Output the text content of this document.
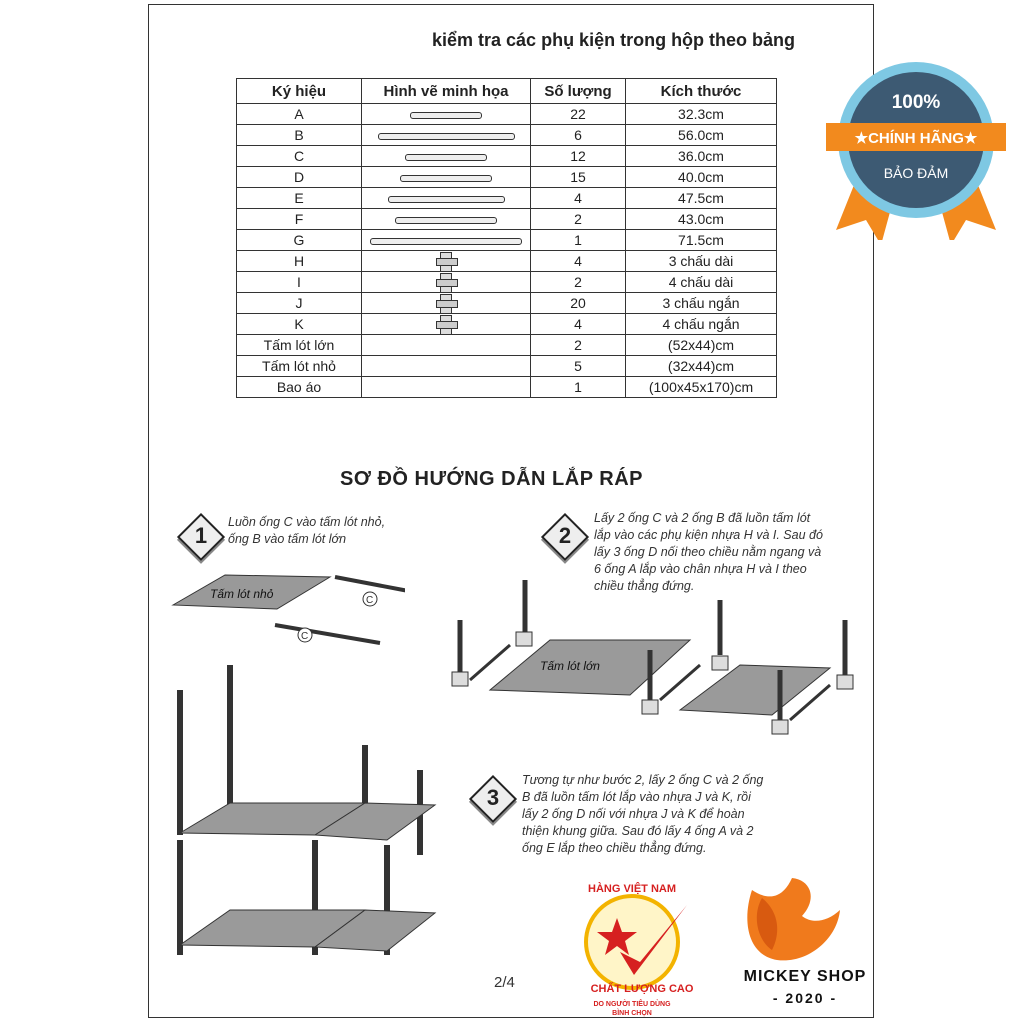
kiểm tra các phụ kiện trong hộp theo bảng
Ký hiệu	Hình vẽ minh họa	Số lượng	Kích thước
A		22	32.3cm
B		6	56.0cm
C		12	36.0cm
D		15	40.0cm
E		4	47.5cm
F		2	43.0cm
G		1	71.5cm
H		4	3 chấu dài
I		2	4 chấu dài
J		20	3 chấu ngắn
K		4	4 chấu ngắn
Tấm lót lớn		2	(52x44)cm
Tấm lót nhỏ		5	(32x44)cm
Bao áo		1	(100x45x170)cm
SƠ ĐỒ HƯỚNG DẪN LẮP RÁP
1
Luồn ống C vào tấm lót nhỏ,
ống B vào tấm lót lớn	2
Lấy 2 ống C và 2 ống B đã luồn tấm lót
lắp vào các phụ kiện nhựa H và I. Sau đó
lấy 3 ống D nối theo chiều nằm ngang và
6 ống A lắp vào chân nhựa H và I theo
chiều thẳng đứng.
3
Tương tự như bước 2, lấy 2 ống C và 2 ống
B đã luồn tấm lót lắp vào nhựa J và K, rồi
lấy 2 ống D nối với nhựa J và K để hoàn
thiện khung giữa. Sau đó lấy 4 ống A và 2
ống E lắp theo chiều thẳng đứng.
Tấm lót nhỏ	C
C
Tấm lót lớn
2/4
100%
★CHÍNH HÃNG★
BẢO ĐẢM
HÀNG VIỆT NAM
CHẤT LƯỢNG CAO
DO NGƯỜI TIÊU DÙNG
BÌNH CHỌN
MICKEY SHOP
- 2020 -
